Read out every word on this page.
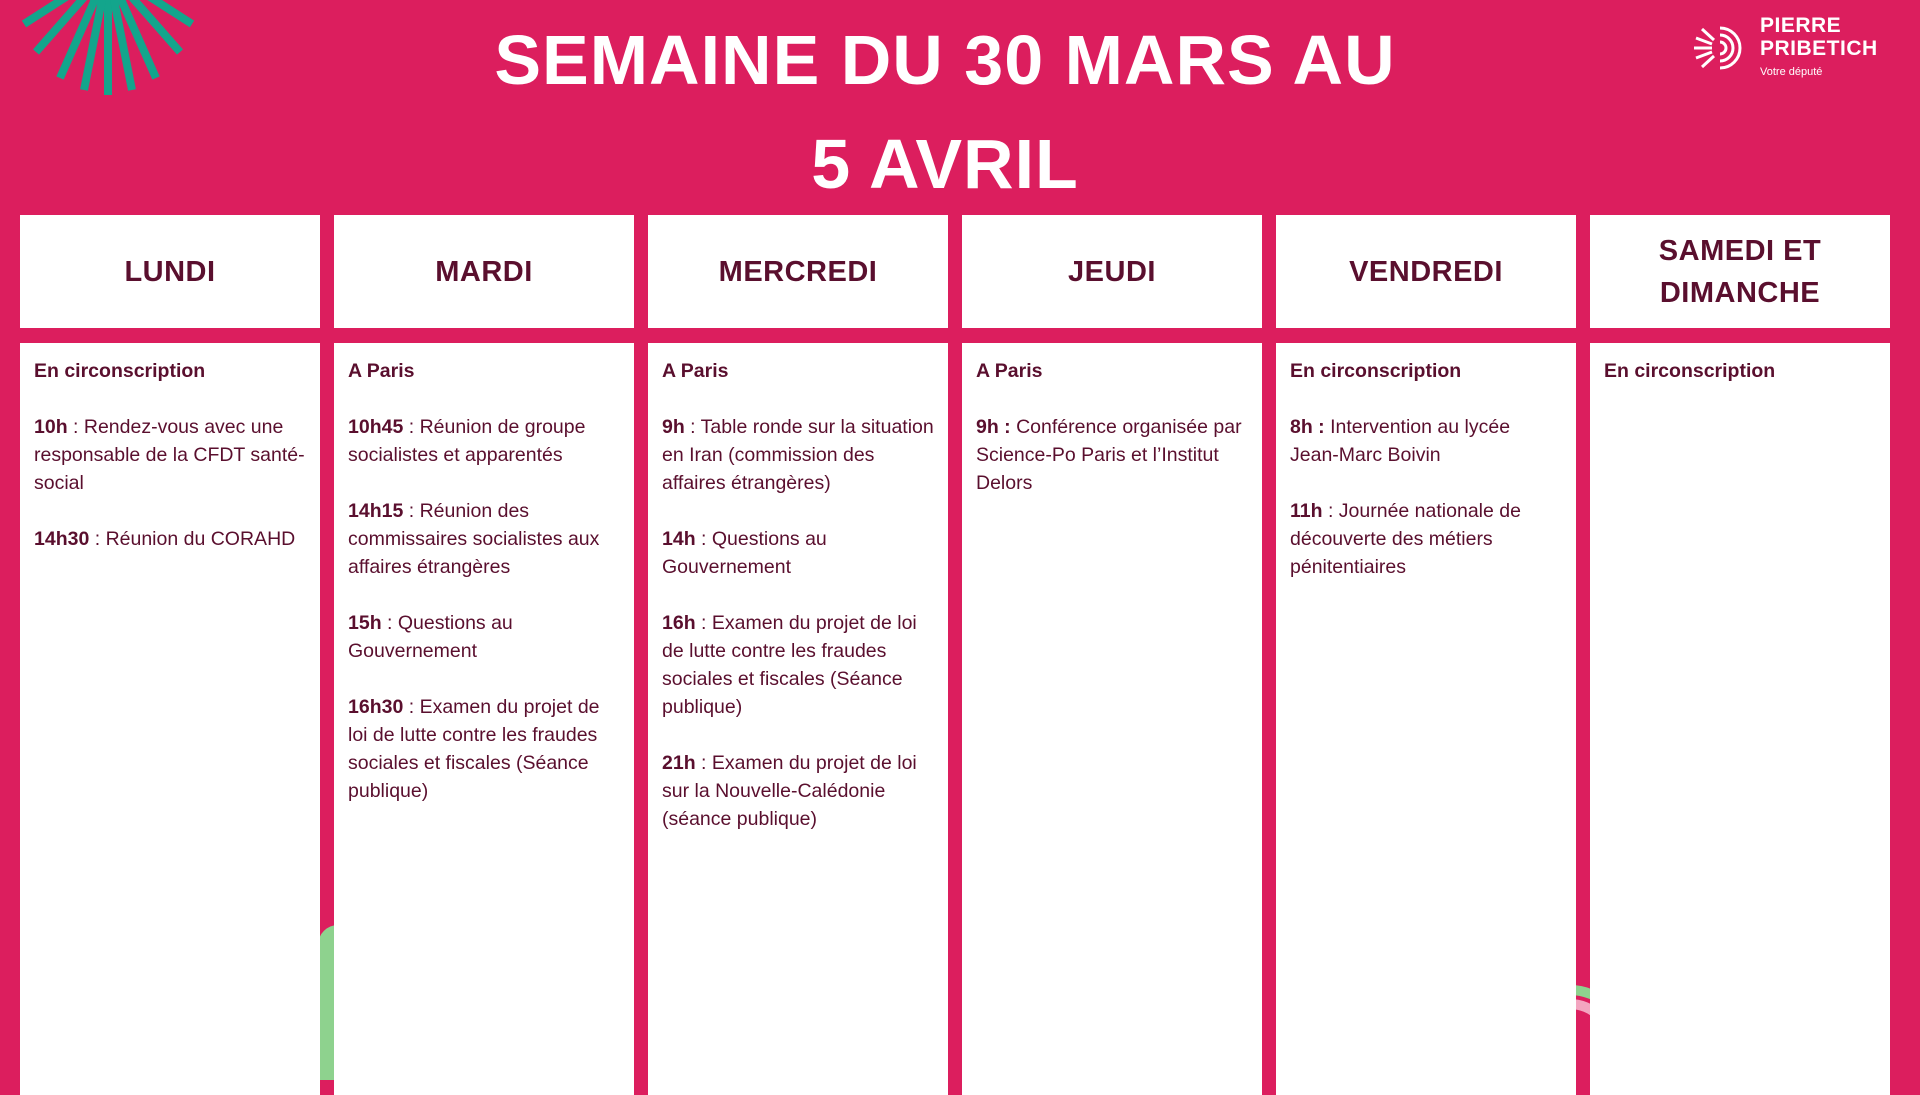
SEMAINE DU 30 MARS AU
5 AVRIL
PIERRE
PRIBETICH
Votre député
LUNDI
En circonscription
10h : Rendez-vous avec une responsable de la CFDT santé-social
14h30 : Réunion du CORAHD
MARDI
A Paris
10h45 : Réunion de groupe socialistes et apparentés
14h15 : Réunion des commissaires socialistes aux affaires étrangères
15h : Questions au Gouvernement
16h30 : Examen du projet de loi de lutte contre les fraudes sociales et fiscales (Séance publique)
MERCREDI
A Paris
9h : Table ronde sur la situation en Iran (commission des affaires étrangères)
14h : Questions au Gouvernement
16h : Examen du projet de loi de lutte contre les fraudes sociales et fiscales (Séance publique)
21h : Examen du projet de loi sur la Nouvelle-Calédonie (séance publique)
JEUDI
A Paris
9h : Conférence organisée par Science-Po Paris et l’Institut Delors
VENDREDI
En circonscription
8h : Intervention au lycée Jean-Marc Boivin
11h : Journée nationale de découverte des métiers pénitentiaires
SAMEDI ET
DIMANCHE
En circonscription
